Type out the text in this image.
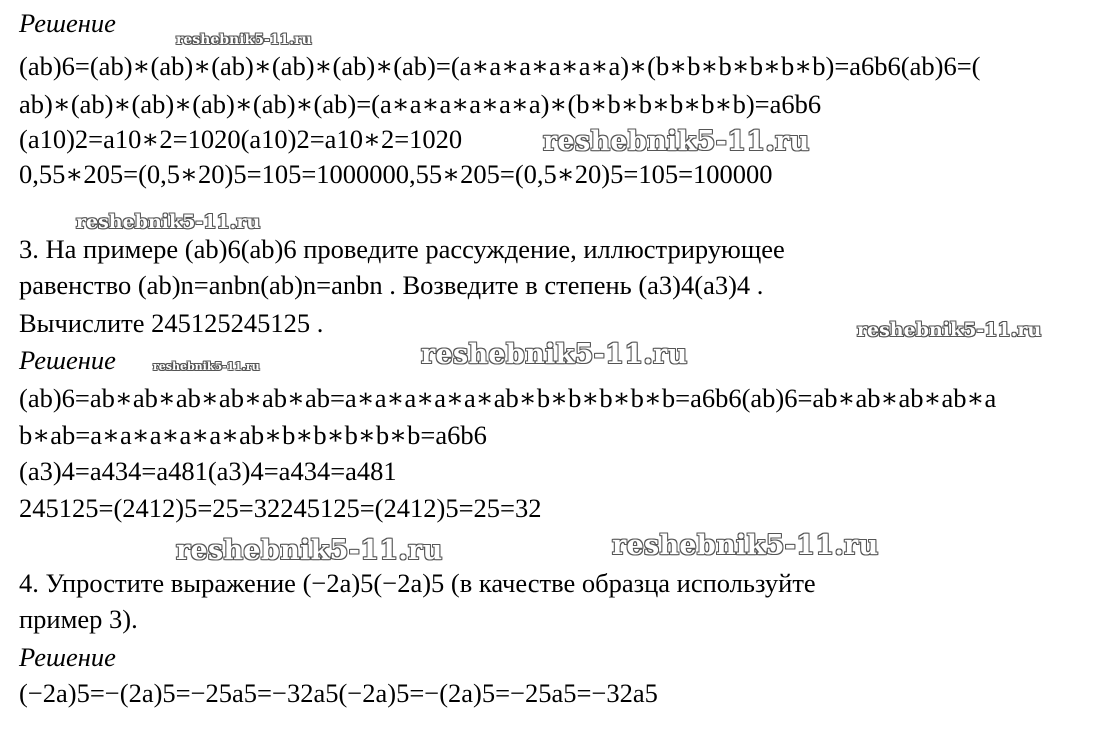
Решение
(ab)6=(ab)∗(ab)∗(ab)∗(ab)∗(ab)∗(ab)=(a∗a∗a∗a∗a∗a)∗(b∗b∗b∗b∗b∗b)=a6b6(ab)6=(
ab)∗(ab)∗(ab)∗(ab)∗(ab)∗(ab)=(a∗a∗a∗a∗a∗a)∗(b∗b∗b∗b∗b∗b)=a6b6
(a10)2=a10∗2=1020(a10)2=a10∗2=1020
0,55∗205=(0,5∗20)5=105=1000000,55∗205=(0,5∗20)5=105=100000
3. На примере (ab)6(ab)6 проведите рассуждение, иллюстрирующее
равенство (ab)n=anbn(ab)n=anbn . Возведите в степень (a3)4(a3)4 .
Вычислите 245125245125 .
Решение
(ab)6=ab∗ab∗ab∗ab∗ab∗ab=a∗a∗a∗a∗a∗ab∗b∗b∗b∗b∗b=a6b6(ab)6=ab∗ab∗ab∗ab∗a
b∗ab=a∗a∗a∗a∗a∗ab∗b∗b∗b∗b∗b=a6b6
(a3)4=a434=a481(a3)4=a434=a481
245125=(2412)5=25=32245125=(2412)5=25=32
4. Упростите выражение (−2a)5(−2a)5 (в качестве образца используйте
пример 3).
Решение
(−2a)5=−(2a)5=−25a5=−32a5(−2a)5=−(2a)5=−25a5=−32a5
reshebnik5-11.ru
reshebnik5-11.ru
reshebnik5-11.ru
reshebnik5-11.ru
reshebnik5-11.ru	reshebnik5-11.ru
reshebnik5-11.ru	reshebnik5-11.ru
